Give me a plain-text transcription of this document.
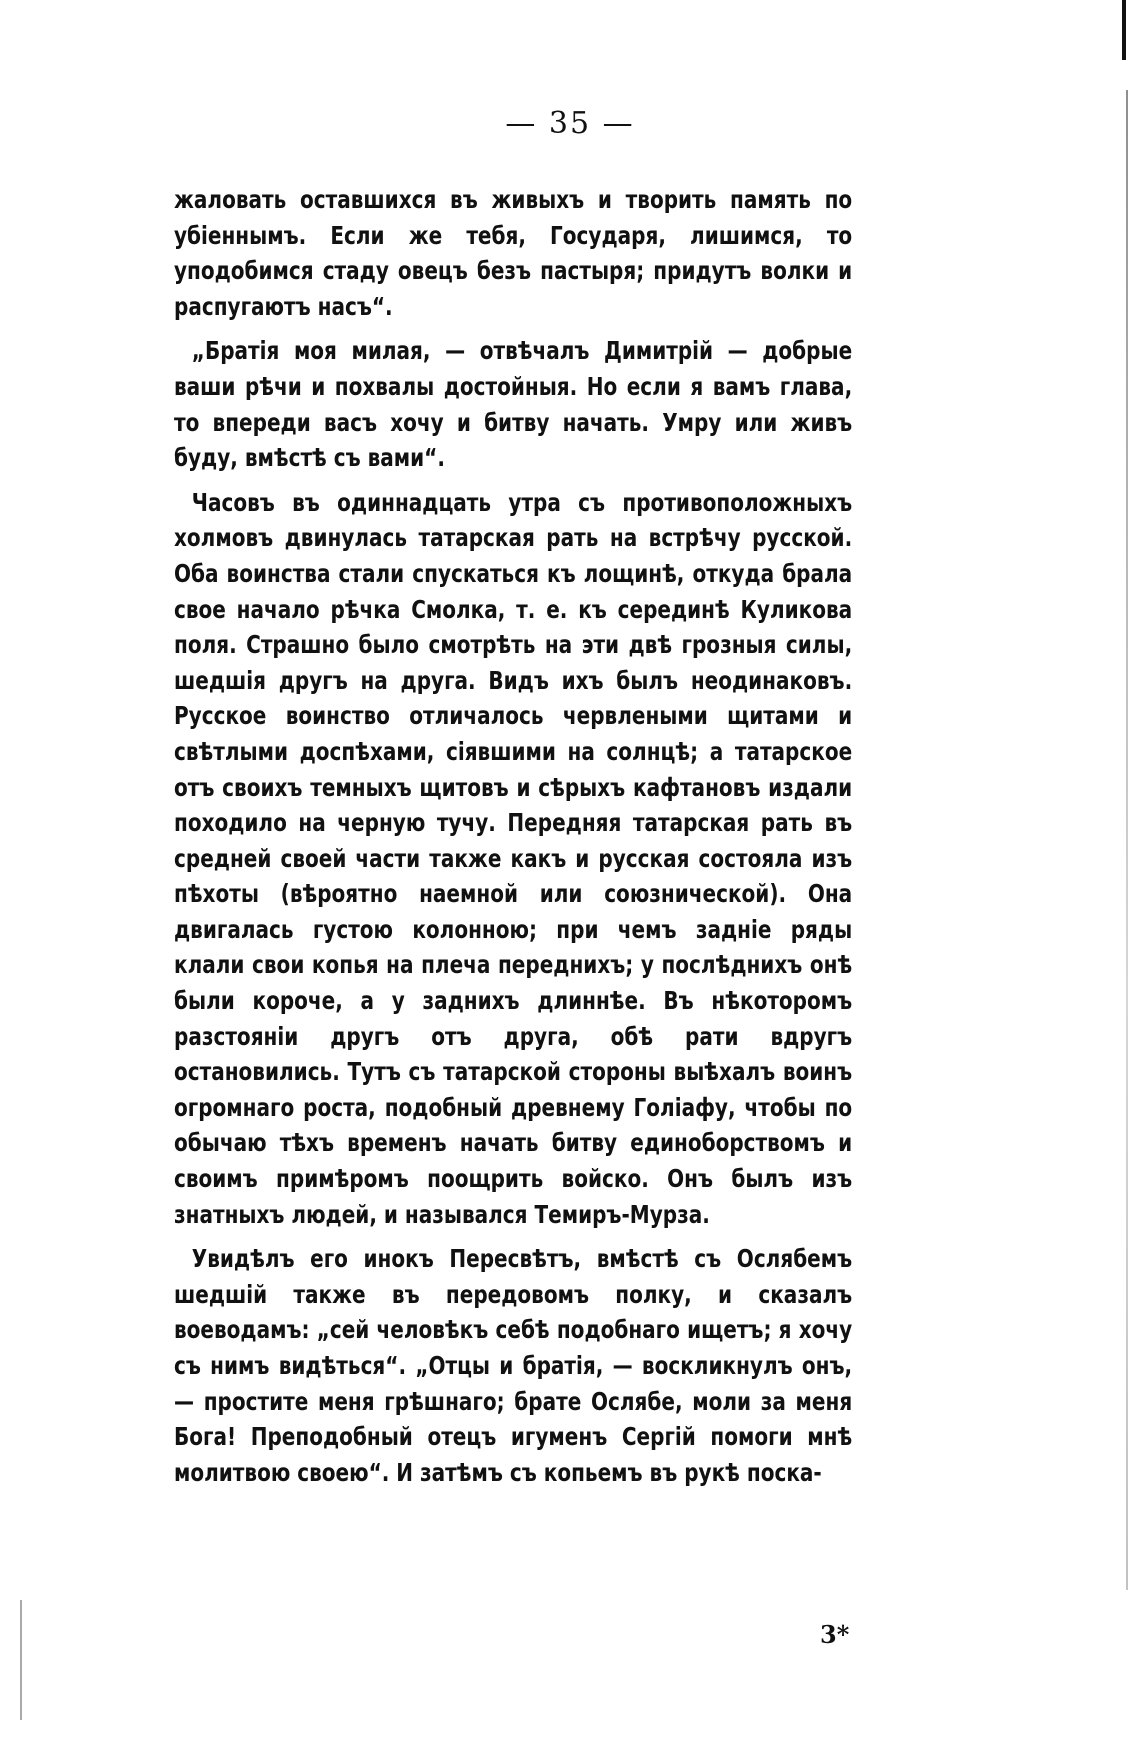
— 35 —

жаловать оставшихся въ живыхъ и творить память по убіеннымъ. Если же тебя, Государя, лишимся, то уподобимся стаду овецъ безъ пастыря; придутъ волки и распугаютъ насъ“.

„Братія моя милая, — отвѣчалъ Димитрій — добрые ваши рѣчи и похвалы достойныя. Но если я вамъ глава, то впереди васъ хочу и битву начать. Умру или живъ буду, вмѣстѣ съ вами“.

Часовъ въ одиннадцать утра съ противоположныхъ холмовъ двинулась татарская рать на встрѣчу русской. Оба воинства стали спускаться къ лощинѣ, откуда брала свое начало рѣчка Смолка, т. е. къ серединѣ Куликова поля. Страшно было смотрѣть на эти двѣ грозныя силы, шедшія другъ на друга. Видъ ихъ былъ неодинаковъ. Русское воинство отличалось червлеными щитами и свѣтлыми доспѣхами, сіявшими на солнцѣ; а татарское отъ своихъ темныхъ щитовъ и сѣрыхъ кафтановъ издали походило на черную тучу. Передняя татарская рать въ средней своей части также какъ и русская состояла изъ пѣхоты (вѣроятно наемной или союзнической). Она двигалась густою колонною; при чемъ задніе ряды клали свои копья на плеча переднихъ; у послѣднихъ онѣ были короче, а у заднихъ длиннѣе. Въ нѣкоторомъ разстояніи другъ отъ друга, обѣ рати вдругъ остановились. Тутъ съ татарской стороны выѣхалъ воинъ огромнаго роста, подобный древнему Голіафу, чтобы по обычаю тѣхъ временъ начать битву единоборствомъ и своимъ примѣромъ поощрить войско. Онъ былъ изъ знатныхъ людей, и назывался Темиръ-Мурза.

Увидѣлъ его инокъ Пересвѣтъ, вмѣстѣ съ Ослябемъ шедшій также въ передовомъ полку, и сказалъ воеводамъ: „сей человѣкъ себѣ подобнаго ищетъ; я хочу съ нимъ видѣться“. „Отцы и братія, — воскликнулъ онъ, — простите меня грѣшнаго; брате Ослябе, моли за меня Бога! Преподобный отецъ игуменъ Сергій помоги мнѣ молитвою своею“. И затѣмъ съ копьемъ въ рукѣ поска-

3*
